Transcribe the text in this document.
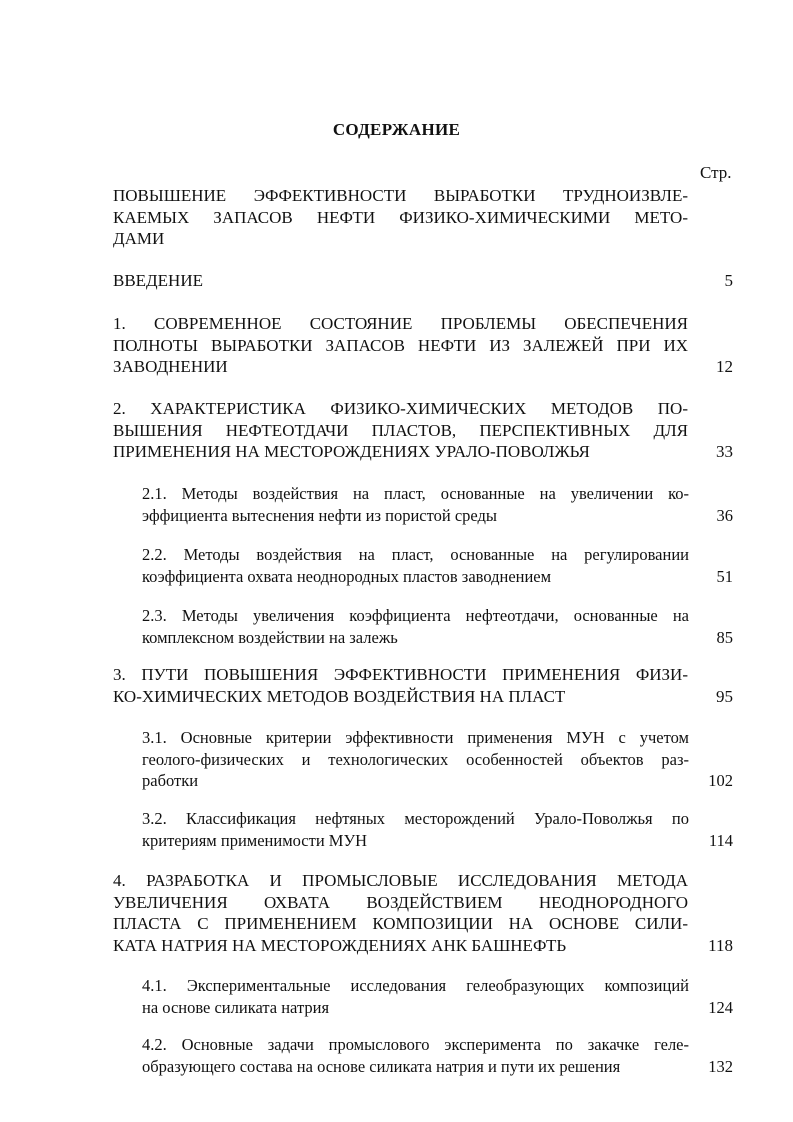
СОДЕРЖАНИЕ
Стр.
ПОВЫШЕНИЕ ЭФФЕКТИВНОСТИ ВЫРАБОТКИ ТРУДНОИЗВЛЕ-
КАЕМЫХ ЗАПАСОВ НЕФТИ ФИЗИКО-ХИМИЧЕСКИМИ МЕТО-
ДАМИ
ВВЕДЕНИЕ	5
1. СОВРЕМЕННОЕ СОСТОЯНИЕ ПРОБЛЕМЫ ОБЕСПЕЧЕНИЯ
ПОЛНОТЫ ВЫРАБОТКИ ЗАПАСОВ НЕФТИ ИЗ ЗАЛЕЖЕЙ ПРИ ИХ
ЗАВОДНЕНИИ	12
2. ХАРАКТЕРИСТИКА ФИЗИКО-ХИМИЧЕСКИХ МЕТОДОВ ПО-
ВЫШЕНИЯ НЕФТЕОТДАЧИ ПЛАСТОВ, ПЕРСПЕКТИВНЫХ ДЛЯ
ПРИМЕНЕНИЯ НА МЕСТОРОЖДЕНИЯХ УРАЛО-ПОВОЛЖЬЯ	33
2.1. Методы воздействия на пласт, основанные на увеличении ко-
эффициента вытеснения нефти из пористой среды	36
2.2. Методы воздействия на пласт, основанные на регулировании
коэффициента охвата неоднородных пластов заводнением	51
2.3. Методы увеличения коэффициента нефтеотдачи, основанные на
комплексном воздействии на залежь	85
3. ПУТИ ПОВЫШЕНИЯ ЭФФЕКТИВНОСТИ ПРИМЕНЕНИЯ ФИЗИ-
КО-ХИМИЧЕСКИХ МЕТОДОВ ВОЗДЕЙСТВИЯ НА ПЛАСТ	95
3.1. Основные критерии эффективности применения МУН с учетом
геолого-физических и технологических особенностей объектов раз-
работки	102
3.2. Классификация нефтяных месторождений Урало-Поволжья по
критериям применимости МУН	114
4. РАЗРАБОТКА И ПРОМЫСЛОВЫЕ ИССЛЕДОВАНИЯ МЕТОДА
УВЕЛИЧЕНИЯ ОХВАТА ВОЗДЕЙСТВИЕМ НЕОДНОРОДНОГО
ПЛАСТА С ПРИМЕНЕНИЕМ КОМПОЗИЦИИ НА ОСНОВЕ СИЛИ-
КАТА НАТРИЯ НА МЕСТОРОЖДЕНИЯХ АНК БАШНЕФТЬ	118
4.1. Экспериментальные исследования гелеобразующих композиций
на основе силиката натрия	124
4.2. Основные задачи промыслового эксперимента по закачке геле-
образующего состава на основе силиката натрия и пути их решения	132
